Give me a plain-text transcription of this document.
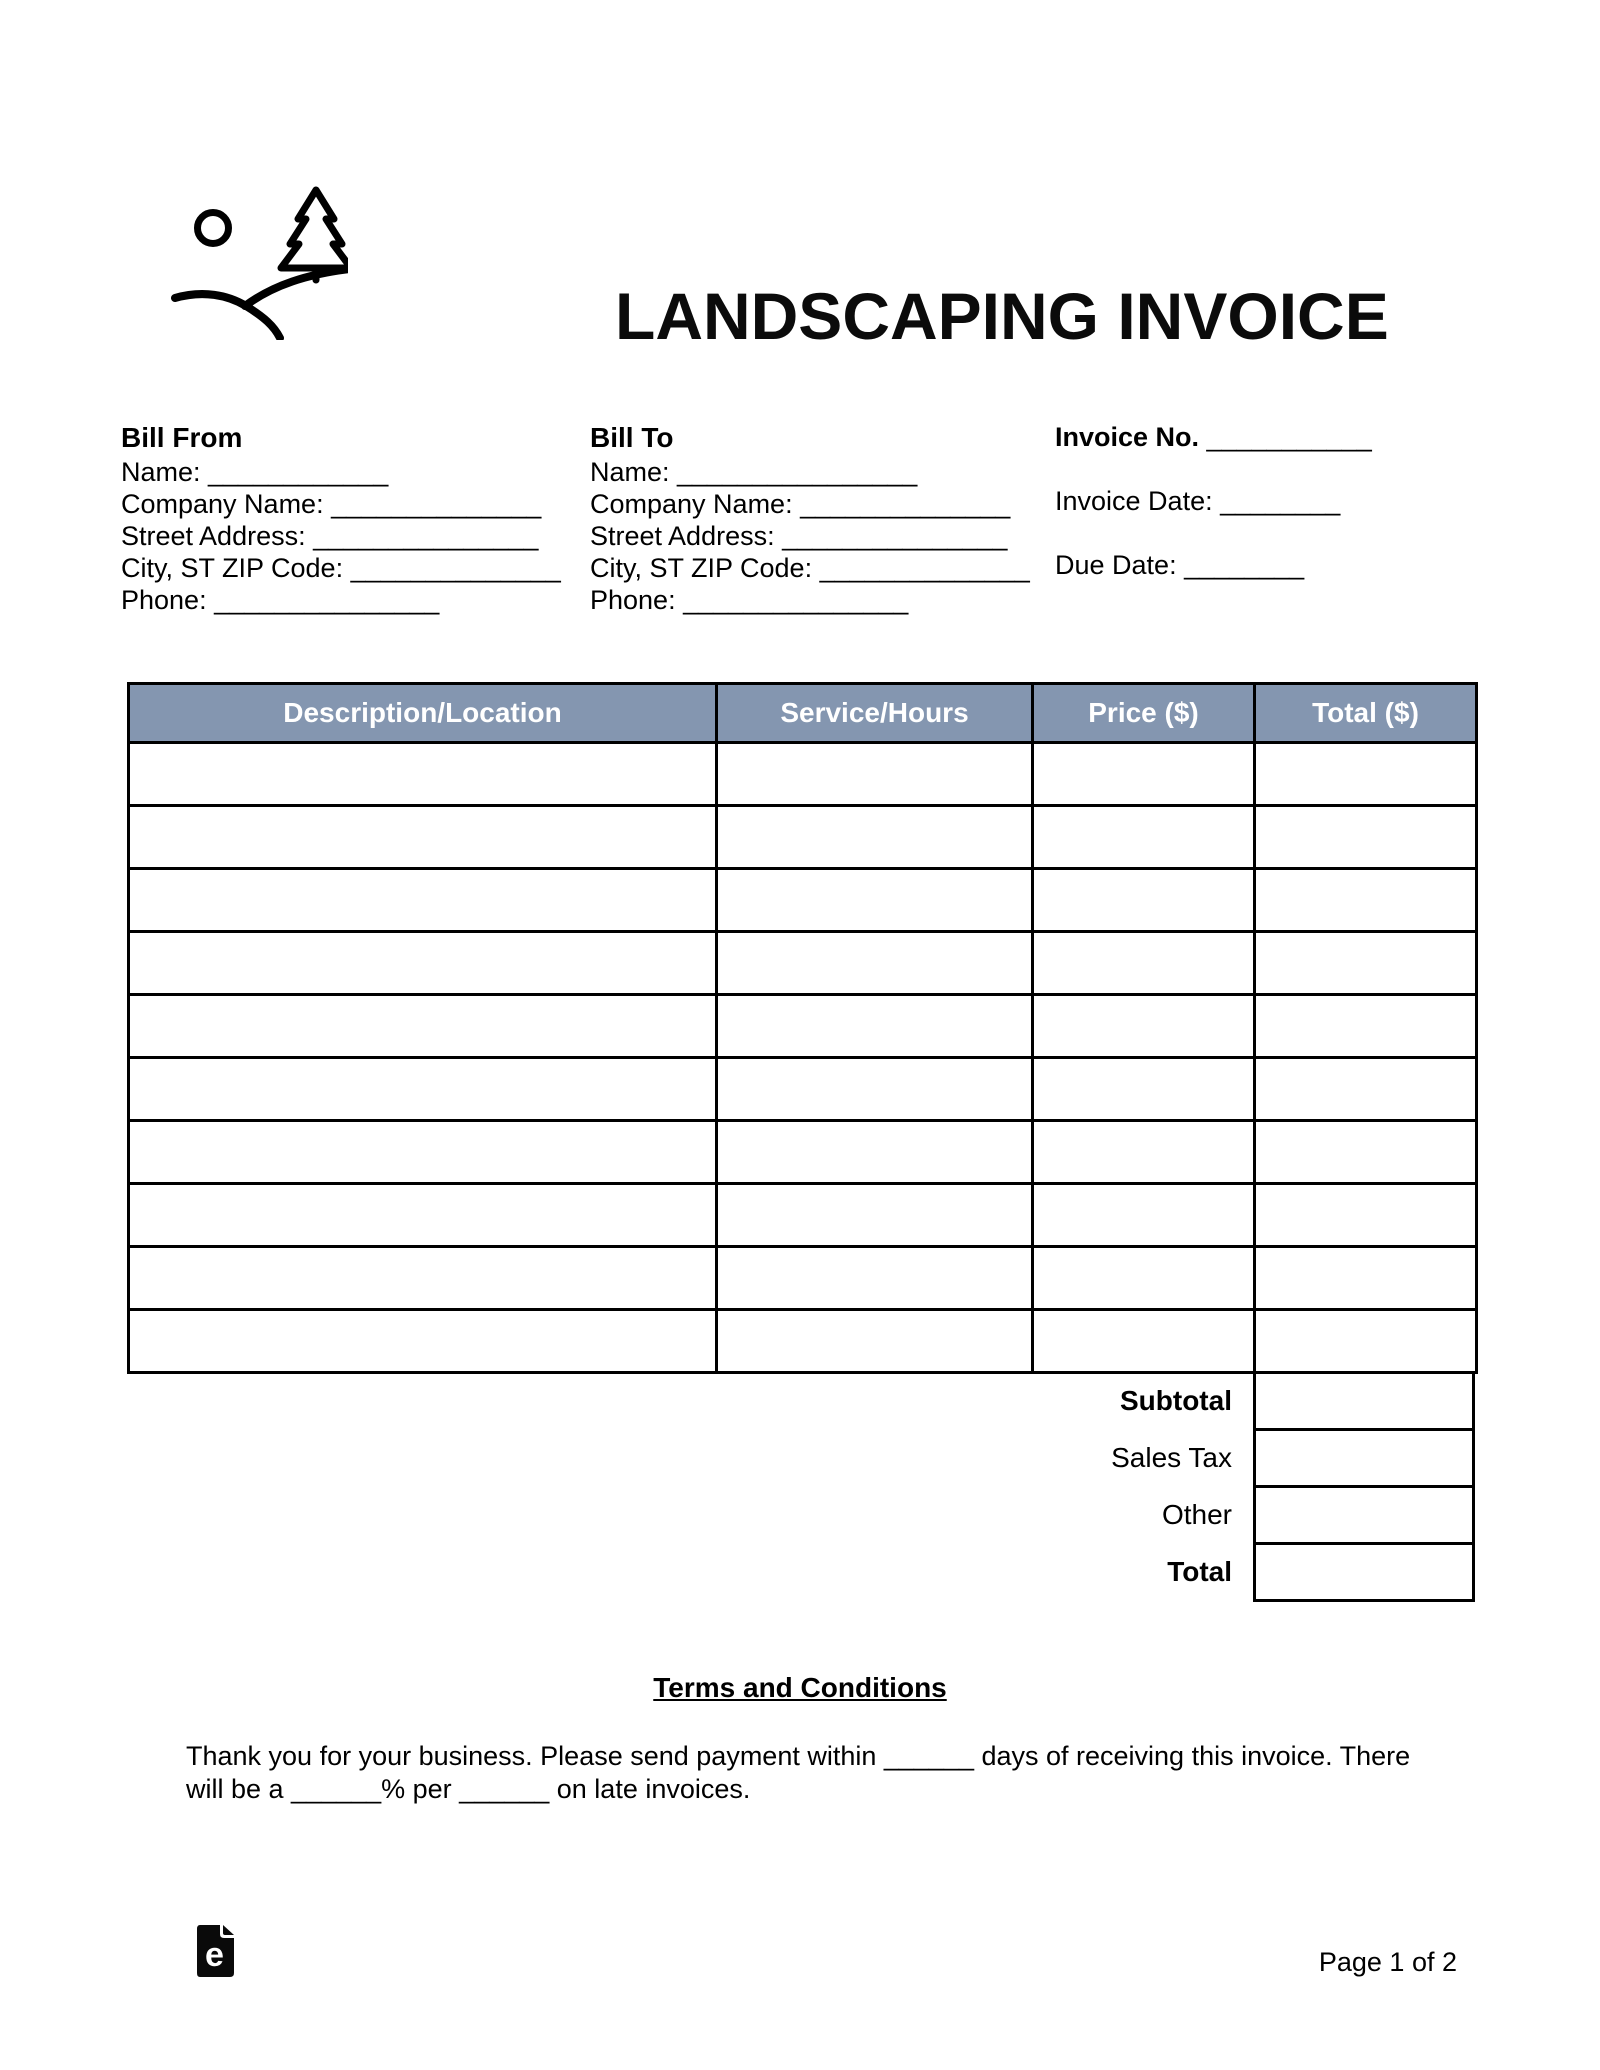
LANDSCAPING INVOICE
Bill From
Name: ____________
Company Name: ______________
Street Address: _______________
City, ST ZIP Code: ______________
Phone: _______________
Bill To
Name: ________________
Company Name: ______________
Street Address: _______________
City, ST ZIP Code: ______________
Phone: _______________
Invoice No. ___________
Invoice Date: ________
Due Date: ________
Description/Location	Service/Hours	Price ($)	Total ($)

Subtotal
Sales Tax
Other
Total
Terms and Conditions
Thank you for your business. Please send payment within ______ days of receiving this invoice. There
will be a ______% per ______ on late invoices.
e	Page 1 of 2
